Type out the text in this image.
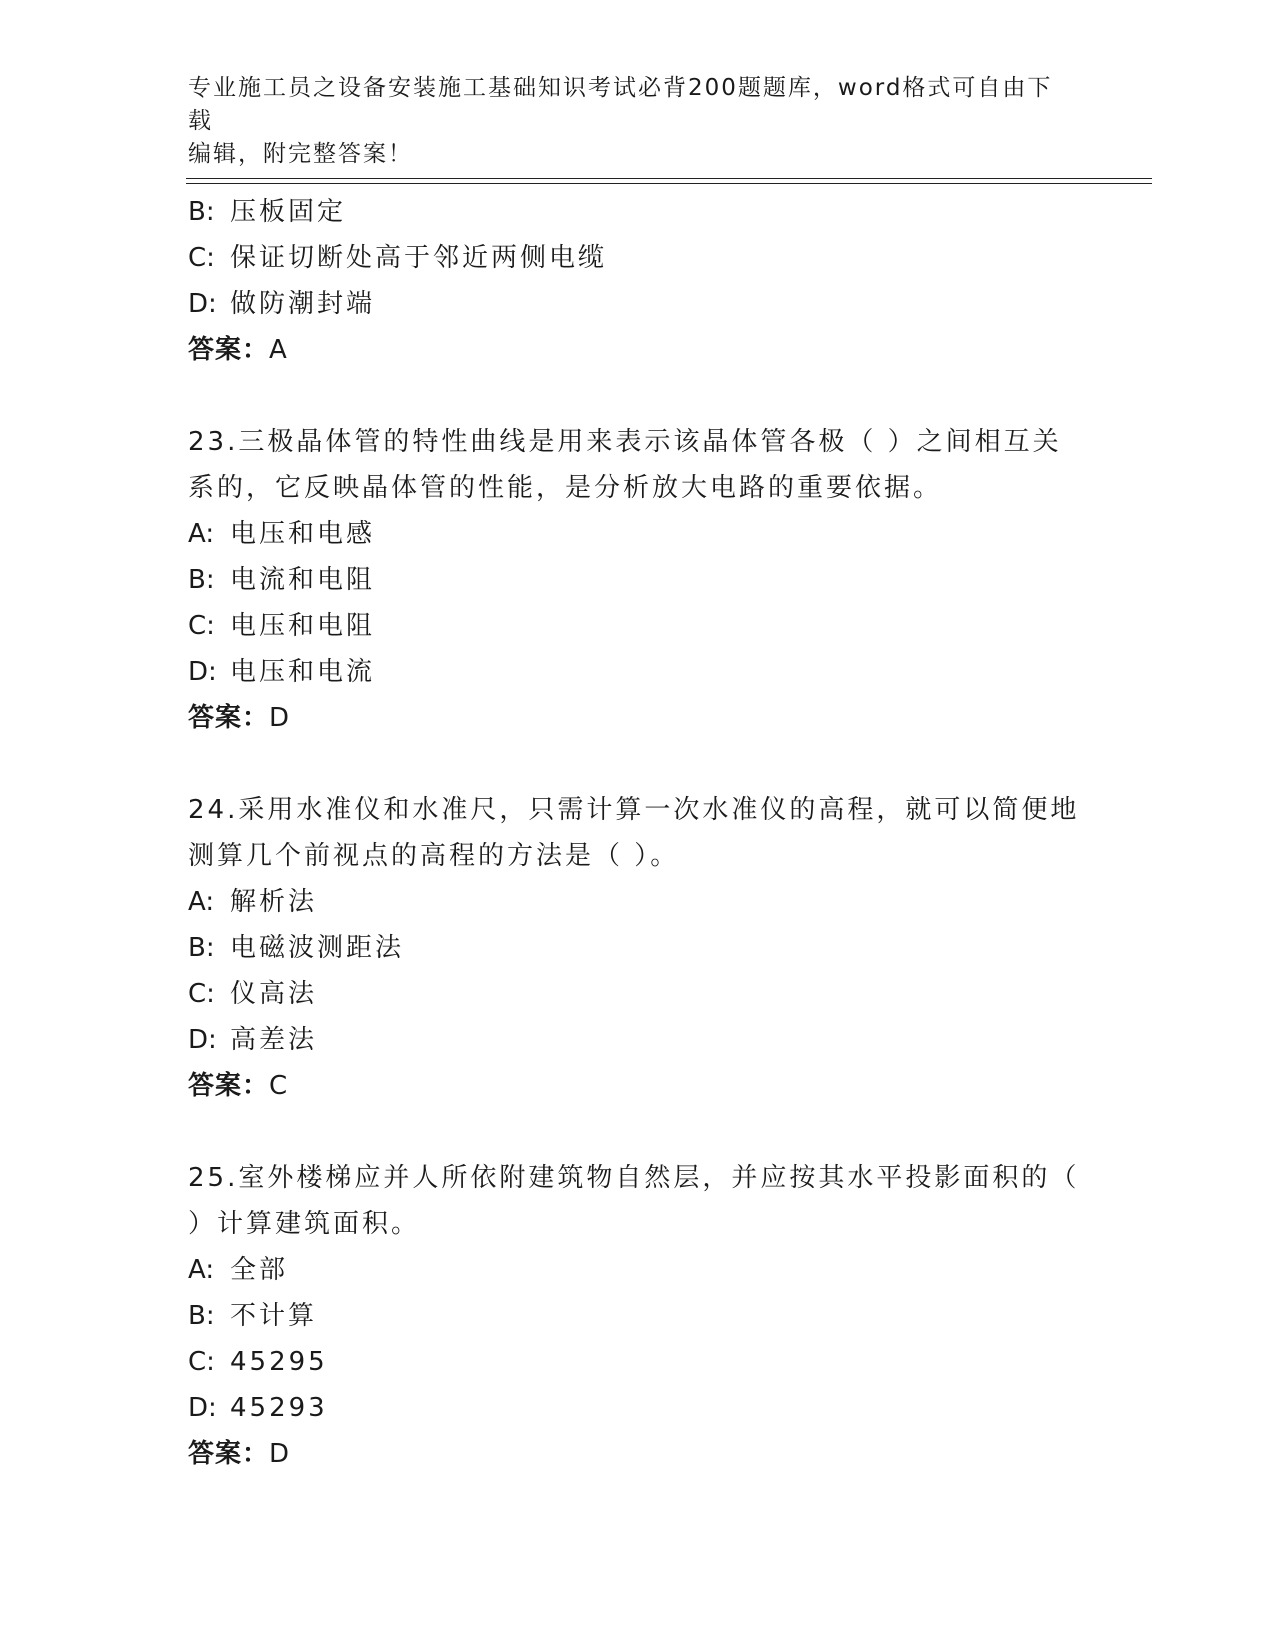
专业施工员之设备安装施工基础知识考试必背200题题库，word格式可自由下载
编辑，附完整答案！
B: 压板固定
C: 保证切断处高于邻近两侧电缆
D: 做防潮封端
答案：A
23.三极晶体管的特性曲线是用来表示该晶体管各极（ ）之间相互关
系的，它反映晶体管的性能，是分析放大电路的重要依据。
A: 电压和电感
B: 电流和电阻
C: 电压和电阻
D: 电压和电流
答案：D
24.采用水准仪和水准尺，只需计算一次水准仪的高程，就可以简便地
测算几个前视点的高程的方法是（ ）。
A: 解析法
B: 电磁波测距法
C: 仪高法
D: 高差法
答案：C
25.室外楼梯应并人所依附建筑物自然层，并应按其水平投影面积的（
）计算建筑面积。
A: 全部
B: 不计算
C: 45295
D: 45293
答案：D
